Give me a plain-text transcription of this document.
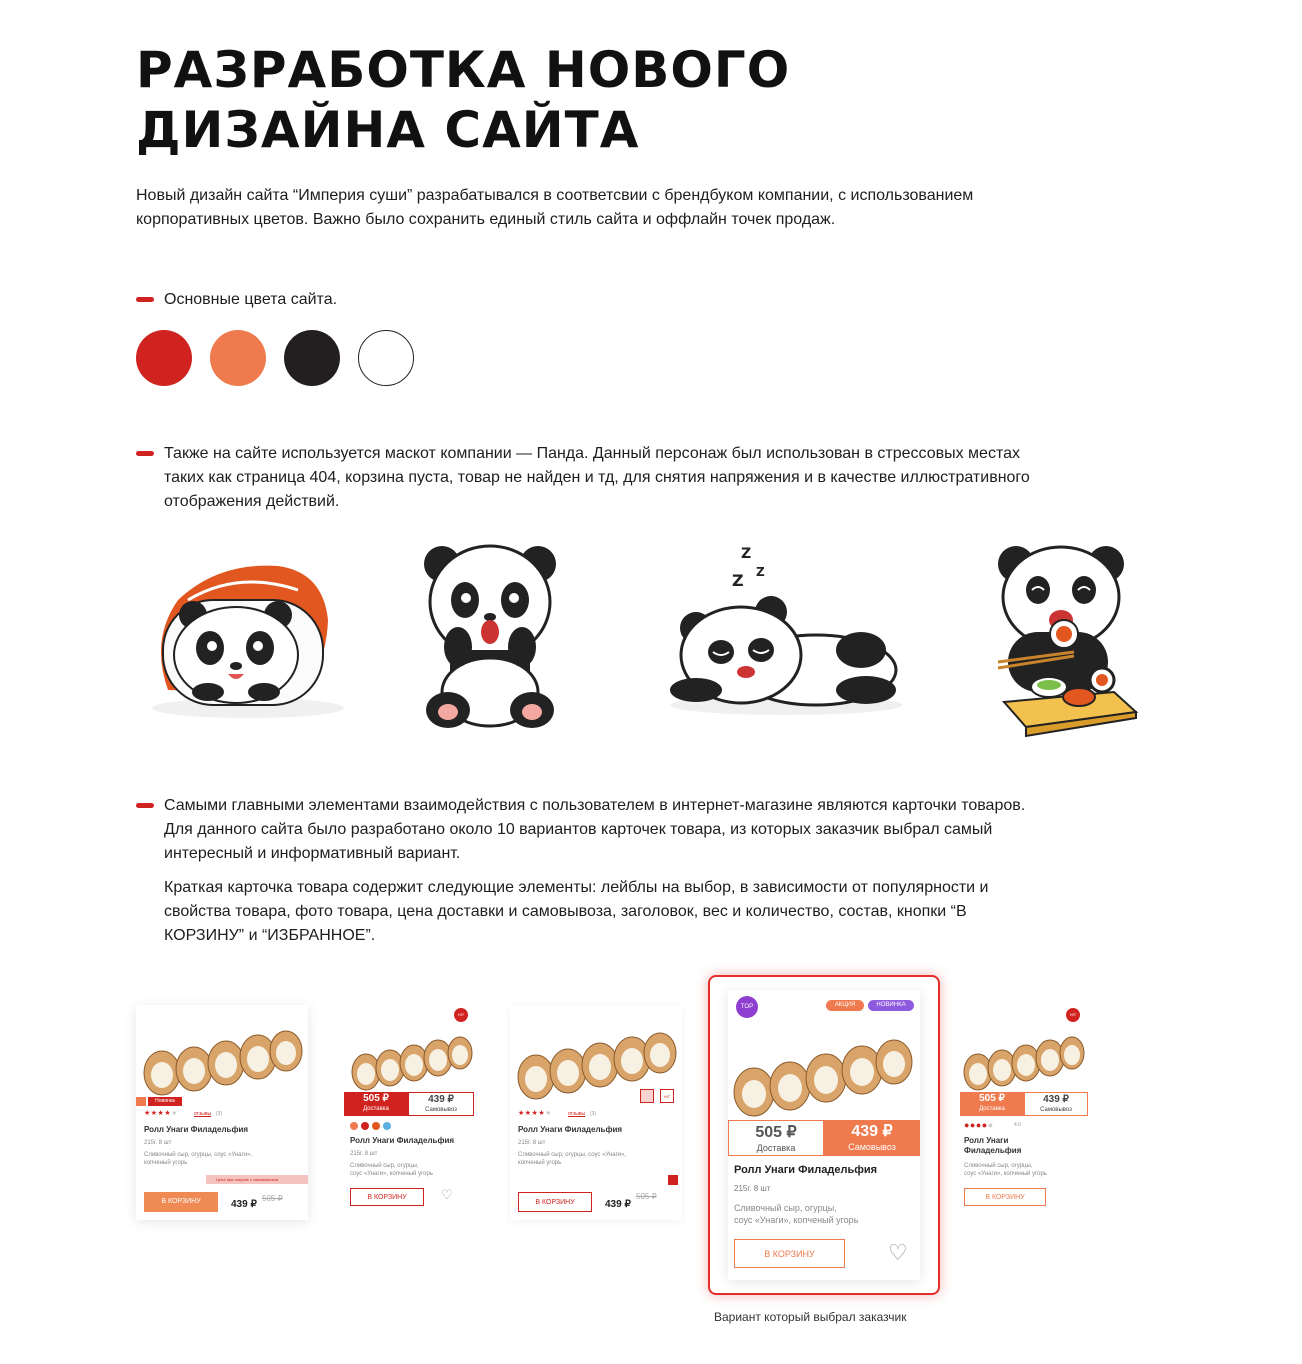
РАЗРАБОТКА НОВОГО
ДИЗАЙНА САЙТА

Новый дизайн сайта “Империя суши” разрабатывался в соответсвии с брендбуком компании, с использованием
корпоративных цветов. Важно было сохранить единый стиль сайта и оффлайн точек продаж.

Основные цвета сайта.

Также на сайте используется маскот компании — Панда. Данный персонаж был использован в стрессовых местах
таких как страница 404, корзина пуста, товар не найден и тд, для снятия напряжения и в качестве иллюстративного
отображения действий.

Z
Z
Z

Самыми главными элементами взаимодействия с пользователем в интернет-магазине являются карточки товаров.
Для данного сайта было разработано около 10 вариантов карточек товара, из которых заказчик выбрал самый
интересный и информативный вариант.

Краткая карточка товара содержит следующие элементы: лейблы на выбор, в зависимости от популярности и
свойства товара, фото товара, цена доставки и самовывоза, заголовок, вес и количество, состав, кнопки “В
КОРЗИНУ” и “ИЗБРАННОЕ”.

Новинка
★★★★★	отзывы (3)
Ролл Унаги Филадельфия
215г. 8 шт
Сливочный сыр, огурцы, соус «Унаги»,
копченый угорь
Цена при покупке с самовывозом
В КОРЗИНУ	505 ₽
439 ₽
HIT
505 ₽
Доставка
439 ₽
Самовывоз
Ролл Унаги Филадельфия
215г. 8 шт
Сливочный сыр, огурцы,
соус «Унаги», копченый угорь
В КОРЗИНУ	♡
HIT
★★★★★	отзывы (3)
Ролл Унаги Филадельфия
215г. 8 шт
Сливочный сыр, огурцы, соус «Унаги»,
копченый угорь
В КОРЗИНУ
505 ₽
439 ₽
TOP	АКЦИЯ	НОВИНКА
505 ₽
Доставка
439 ₽
Самовывоз
Ролл Унаги Филадельфия
215г. 8 шт
Сливочный сыр, огурцы,
соус «Унаги», копченый угорь
В КОРЗИНУ	♡
Вариант который выбрал заказчик
HIT
505 ₽
Доставка
439 ₽
Самовывоз
●●●●●	4.0
Ролл Унаги
Филадельфия
Сливочный сыр, огурцы,
соус «Унаги», копченый угорь
В КОРЗИНУ
